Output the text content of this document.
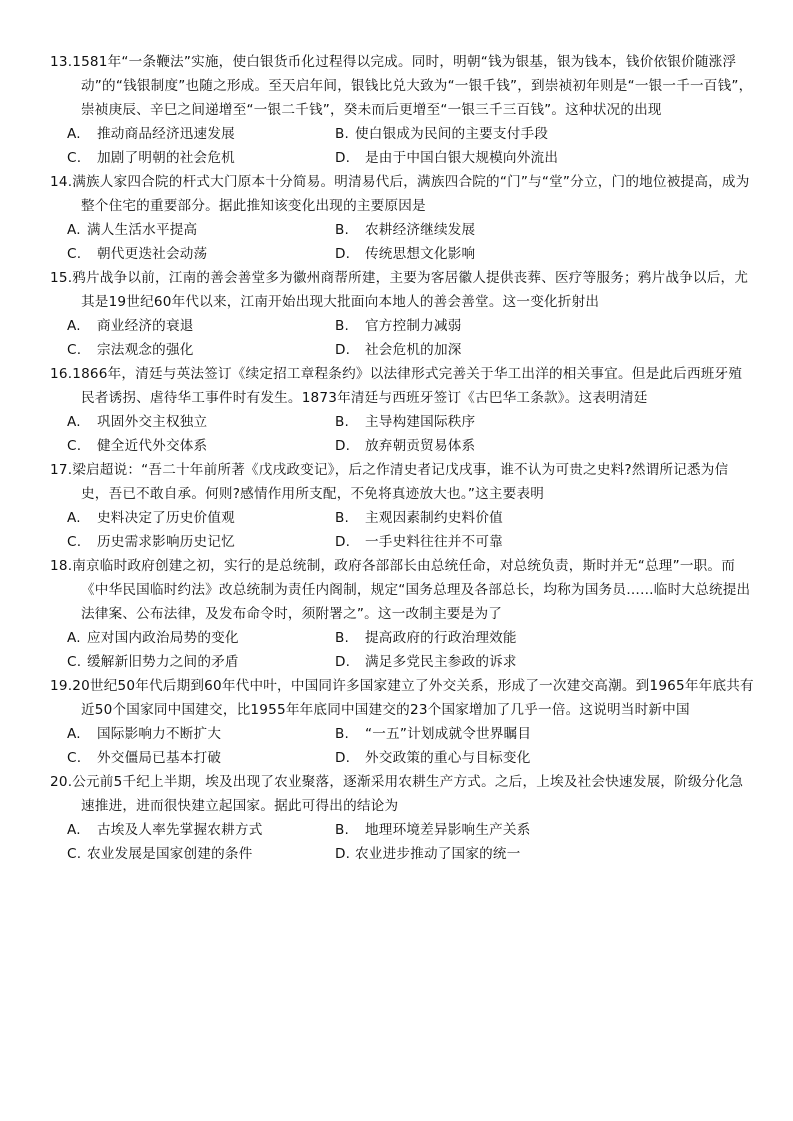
13.1581年“一条鞭法”实施，使白银货币化过程得以完成。同时，明朝“钱为银基，银为钱本，钱价依银价随涨浮动”的“钱银制度”也随之形成。至天启年间，银钱比兑大致为“一银千钱”，到崇祯初年则是“一银一千一百钱”，崇祯庚辰、辛巳之间递增至“一银二千钱”，癸未而后更增至“一银三千三百钱”。这种状况的出现

A. 推动商品经济迅速发展	B. 使白银成为民间的主要支付手段
C. 加剧了明朝的社会危机	D. 是由于中国白银大规模向外流出

14.满族人家四合院的杆式大门原本十分简易。明清易代后，满族四合院的“门”与“堂”分立，门的地位被提高，成为整个住宅的重要部分。据此推知该变化出现的主要原因是

A. 满人生活水平提高	B. 农耕经济继续发展
C. 朝代更迭社会动荡	D. 传统思想文化影响

15.鸦片战争以前，江南的善会善堂多为徽州商帮所建，主要为客居徽人提供丧葬、医疗等服务；鸦片战争以后，尤其是19世纪60年代以来，江南开始出现大批面向本地人的善会善堂。这一变化折射出

A. 商业经济的衰退	B. 官方控制力减弱
C. 宗法观念的强化	D. 社会危机的加深

16.1866年，清廷与英法签订《续定招工章程条约》以法律形式完善关于华工出洋的相关事宜。但是此后西班牙殖民者诱拐、虐待华工事件时有发生。1873年清廷与西班牙签订《古巴华工条款》。这表明清廷

A. 巩固外交主权独立	B. 主导构建国际秩序
C. 健全近代外交体系	D. 放弃朝贡贸易体系

17.梁启超说：“吾二十年前所著《戊戌政变记》，后之作清史者记戊戌事，谁不认为可贵之史料?然谓所记悉为信史，吾已不敢自承。何则?感情作用所支配，不免将真迹放大也。”这主要表明

A. 史料决定了历史价值观	B. 主观因素制约史料价值
C. 历史需求影响历史记忆	D. 一手史料往往并不可靠

18.南京临时政府创建之初，实行的是总统制，政府各部部长由总统任命，对总统负责，斯时并无“总理”一职。而《中华民国临时约法》改总统制为责任内阁制，规定“国务总理及各部总长，均称为国务员……临时大总统提出法律案、公布法律，及发布命令时，须附署之”。这一改制主要是为了

A. 应对国内政治局势的变化	B. 提高政府的行政治理效能
C. 缓解新旧势力之间的矛盾	D. 满足多党民主参政的诉求

19.20世纪50年代后期到60年代中叶，中国同许多国家建立了外交关系，形成了一次建交高潮。到1965年年底共有近50个国家同中国建交，比1955年年底同中国建交的23个国家增加了几乎一倍。这说明当时新中国

A. 国际影响力不断扩大	B. “一五”计划成就令世界瞩目
C. 外交僵局已基本打破	D. 外交政策的重心与目标变化

20.公元前5千纪上半期，埃及出现了农业聚落，逐渐采用农耕生产方式。之后，上埃及社会快速发展，阶级分化急速推进，进而很快建立起国家。据此可得出的结论为

A. 古埃及人率先掌握农耕方式	B. 地理环境差异影响生产关系
C. 农业发展是国家创建的条件	D. 农业进步推动了国家的统一
